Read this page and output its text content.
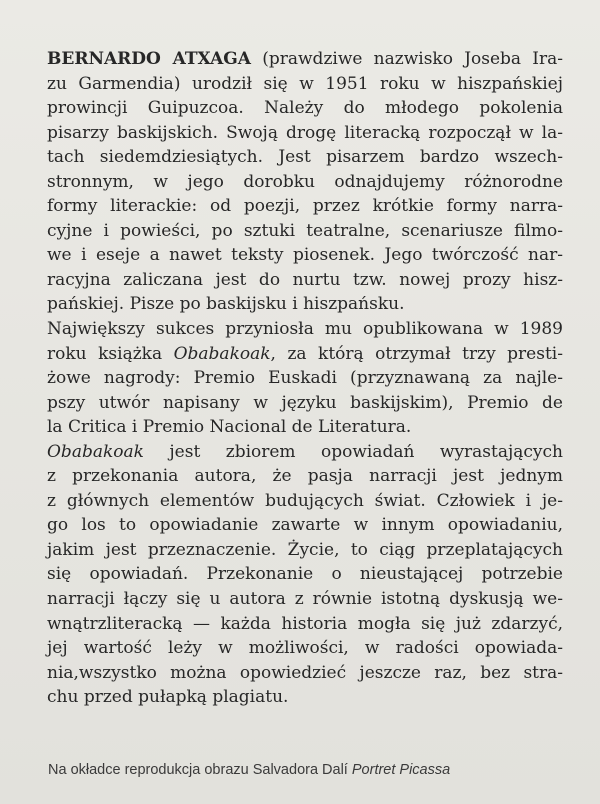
BERNARDO ATXAGA (prawdziwe nazwisko Joseba Ira-
zu Garmendia) urodził się w 1951 roku w hiszpańskiej
prowincji Guipuzcoa. Należy do młodego pokolenia
pisarzy baskijskich. Swoją drogę literacką rozpoczął w la-
tach siedemdziesiątych. Jest pisarzem bardzo wszech-
stronnym, w jego dorobku odnajdujemy różnorodne
formy literackie: od poezji, przez krótkie formy narra-
cyjne i powieści, po sztuki teatralne, scenariusze filmo-
we i eseje a nawet teksty piosenek. Jego twórczość nar-
racyjna zaliczana jest do nurtu tzw. nowej prozy hisz-
pańskiej. Pisze po baskijsku i hiszpańsku.
Największy sukces przyniosła mu opublikowana w 1989
roku książka Obabakoak, za którą otrzymał trzy presti-
żowe nagrody: Premio Euskadi (przyznawaną za najle-
pszy utwór napisany w języku baskijskim), Premio de
la Critica i Premio Nacional de Literatura.
Obabakoak jest zbiorem opowiadań wyrastających
z przekonania autora, że pasja narracji jest jednym
z głównych elementów budujących świat. Człowiek i je-
go los to opowiadanie zawarte w innym opowiadaniu,
jakim jest przeznaczenie. Życie, to ciąg przeplatających
się opowiadań. Przekonanie o nieustającej potrzebie
narracji łączy się u autora z równie istotną dyskusją we-
wnątrzliteracką — każda historia mogła się już zdarzyć,
jej wartość leży w możliwości, w radości opowiada-
nia,wszystko można opowiedzieć jeszcze raz, bez stra-
chu przed pułapką plagiatu.
Na okładce reprodukcja obrazu Salvadora Dalí Portret Picassa
